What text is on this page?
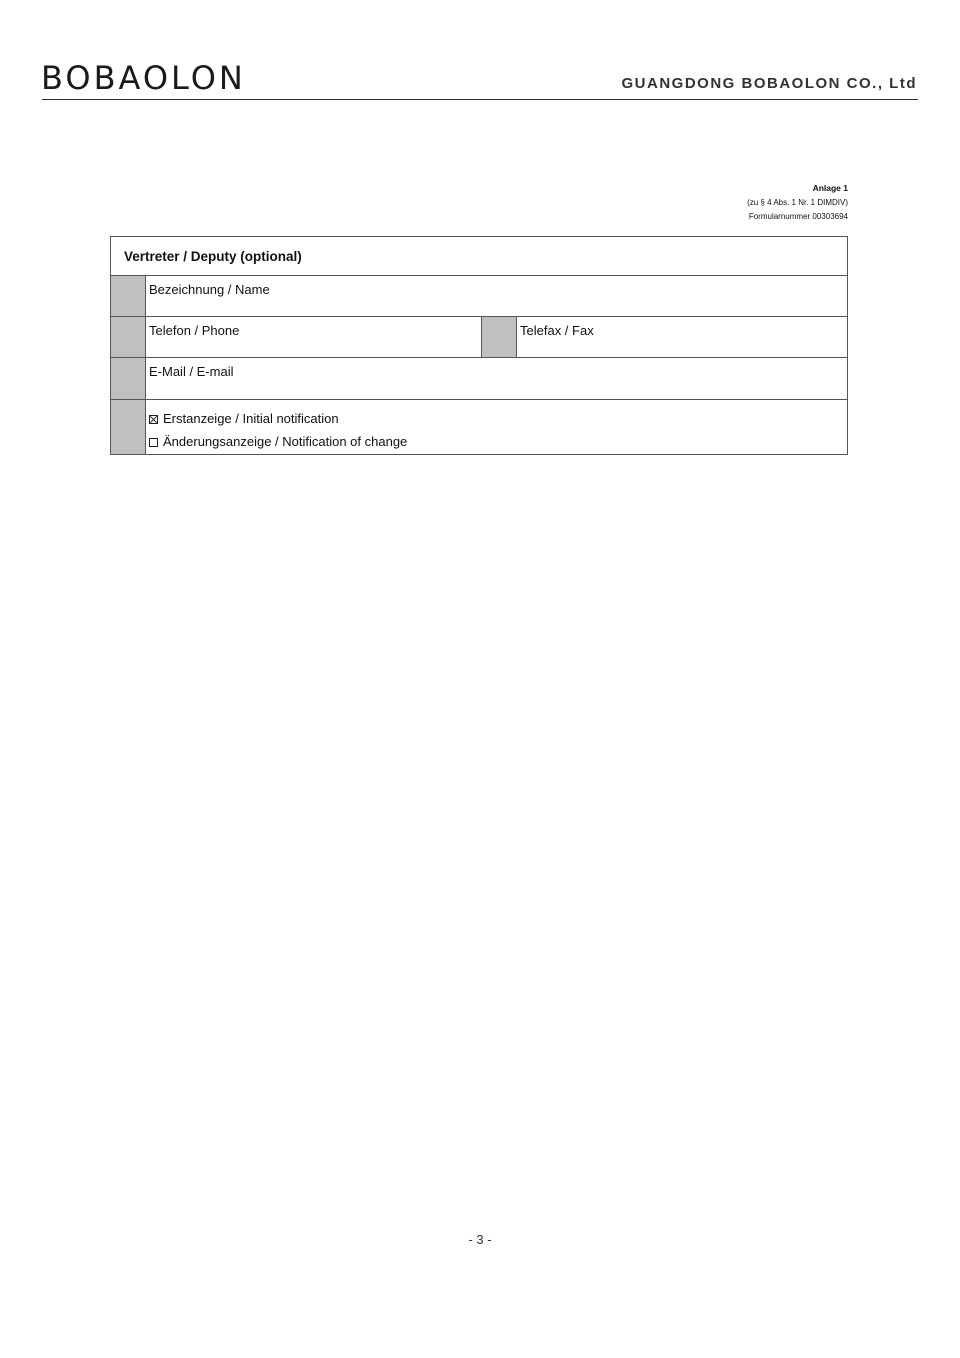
BOBAOLON	GUANGDONG BOBAOLON CO., Ltd
Anlage 1
(zu § 4 Abs. 1 Nr. 1 DIMDIV)
Formularnummer 00303694
Vertreter / Deputy (optional)
Bezeichnung / Name
Telefon / Phone	Telefax / Fax
E-Mail / E-mail
Erstanzeige / Initial notification
Änderungsanzeige / Notification of change
- 3 -
